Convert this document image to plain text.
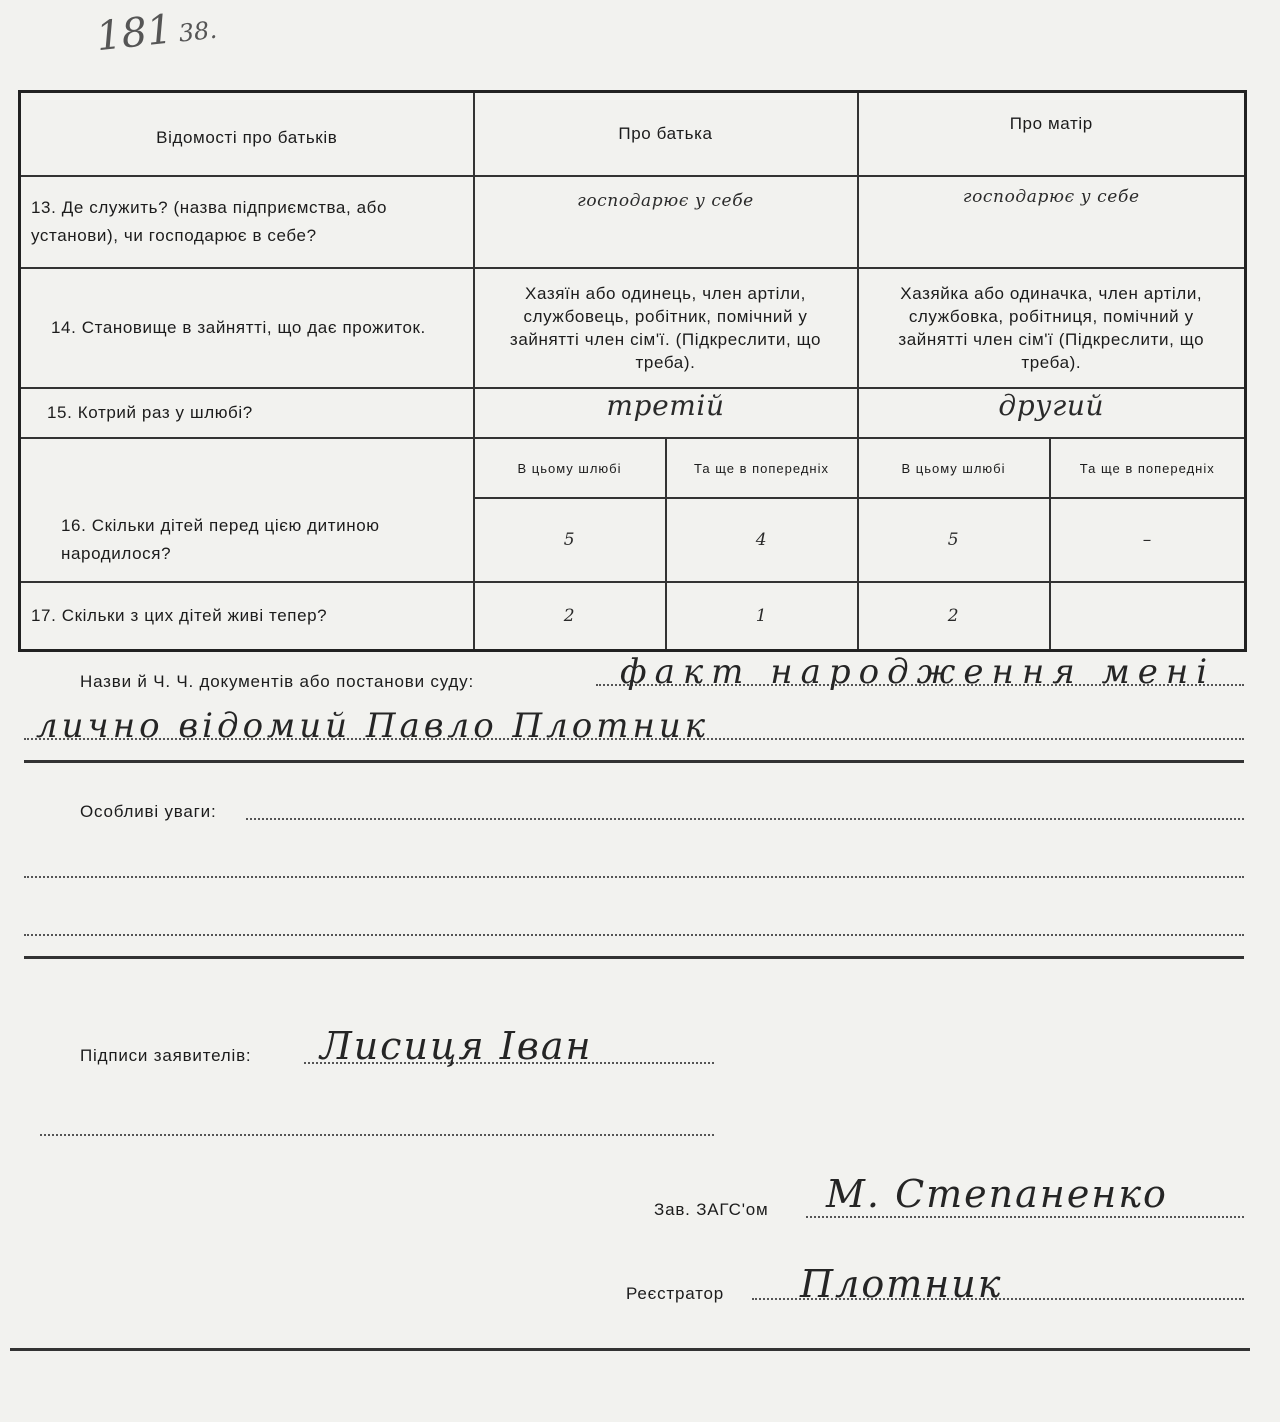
181 38.
Відомості про батьків	Про батька		Про матір	
13. Де служить? (назва підприємства, або установи), чи господарює в себе?	господарює у себе		господарює у себе	
14. Становище в зайнятті, що дає прожиток.	Хазяїн або одинець, член артіли, службовець, робітник, помічний у зайнятті член сім'ї. (Підкреслити, що треба).		Хазяйка або одиначка, член артіли, службовка, робітниця, помічний у зайнятті член сім'ї (Підкреслити, що треба).	
15. Котрий раз у шлюбі?	третій		другий	
16. Скільки дітей перед цією дитиною народилося?	В цьому шлюбі	Та ще в попередніх	В цьому шлюбі	Та ще в попередніх
	5	4	5	–
17. Скільки з цих дітей живі тепер?	2	1	2	
Назви й Ч. Ч. документів або постанови суду:	факт народження мені
лично відомий Павло Плотник
Особливі уваги:
Підписи заявителів: Лисиця Іван
Зав. ЗАГС'ом М. Степаненко
Реєстратор Плотник
